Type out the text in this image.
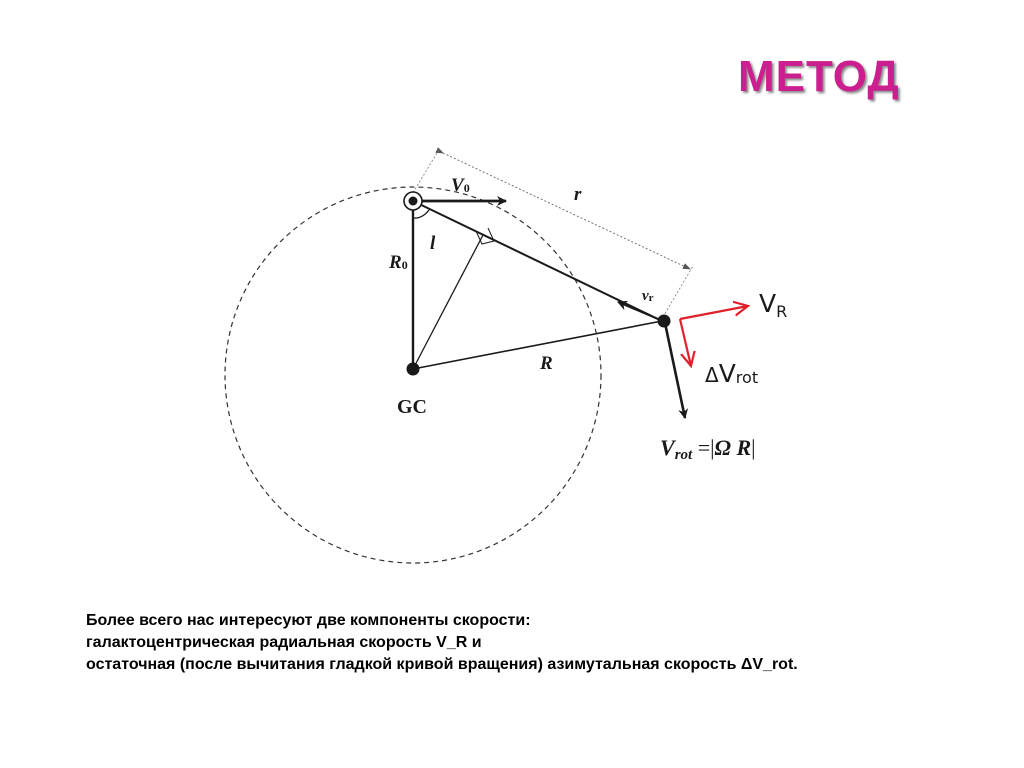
МЕТОД
V0
R0
l
r
vr
R
GC
$V_R$
ΔVrot
Vrot =|Ω R|
Более всего нас интересуют две компоненты скорости:
галактоцентрическая радиальная скорость V_R и
остаточная (после вычитания гладкой кривой вращения) азимутальная скорость ΔV_rot.
